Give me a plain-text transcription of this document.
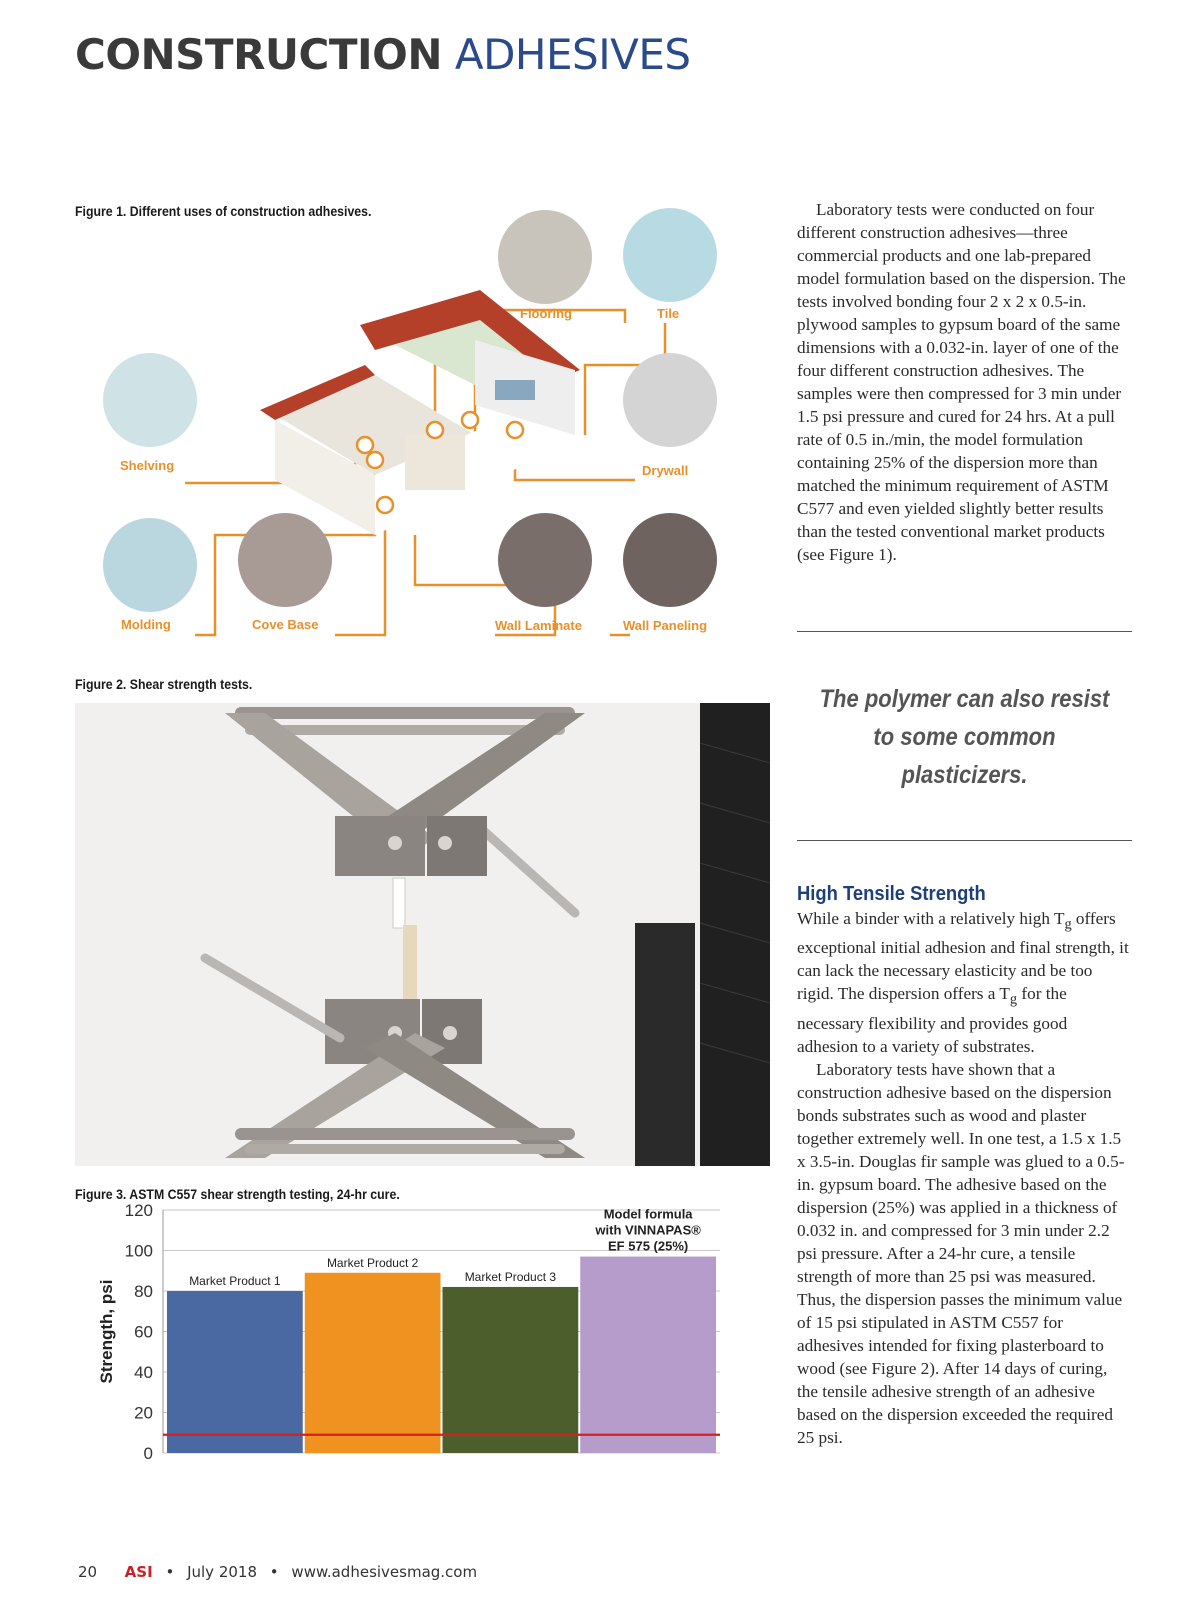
CONSTRUCTION ADHESIVES
Figure 1. Different uses of construction adhesives.
Flooring	Tile
Shelving	Drywall
Molding	Cove Base	Wall Laminate	Wall Paneling
Figure 2. Shear strength tests.
Figure 3. ASTM C557 shear strength testing, 24-hr cure.
0
20
40
60
80
100
120
Strength, psi	Market Product 1
Market Product 2
Market Product 3
Model formula
with VINNAPAS®
EF 575 (25%)

Laboratory tests were conducted on four different construction adhesives—three commercial products and one lab-prepared model formulation based on the dispersion. The tests involved bonding four 2 x 2 x 0.5-in. plywood samples to gypsum board of the same dimensions with a 0.032-in. layer of one of the four different construction adhesives. The samples were then compressed for 3 min under 1.5 psi pressure and cured for 24 hrs. At a pull rate of 0.5 in./min, the model formulation containing 25% of the dispersion more than matched the minimum requirement of ASTM C577 and even yielded slightly better results than the tested conventional market products (see Figure 1).

The polymer can also resist to some common plasticizers.
High Tensile Strength

While a binder with a relatively high $T_g$ offers exceptional initial adhesion and final strength, it can lack the necessary elasticity and be too rigid. The dispersion offers a $T_g$ for the necessary flexibility and provides good adhesion to a variety of substrates.

Laboratory tests have shown that a construction adhesive based on the dispersion bonds substrates such as wood and plaster together extremely well. In one test, a 1.5 x 1.5 x 3.5-in. Douglas fir sample was glued to a 0.5-in. gypsum board. The adhesive based on the dispersion (25%) was applied in a thickness of 0.032 in. and compressed for 3 min under 2.2 psi pressure. After a 24-hr cure, a tensile strength of more than 25 psi was measured. Thus, the dispersion passes the minimum value of 15 psi stipulated in ASTM C557 for adhesives intended for fixing plasterboard to wood (see Figure 2). After 14 days of curing, the tensile adhesive strength of an adhesive based on the dispersion exceeded the required 25 psi.

20 ASI • July 2018 • www.adhesivesmag.com
